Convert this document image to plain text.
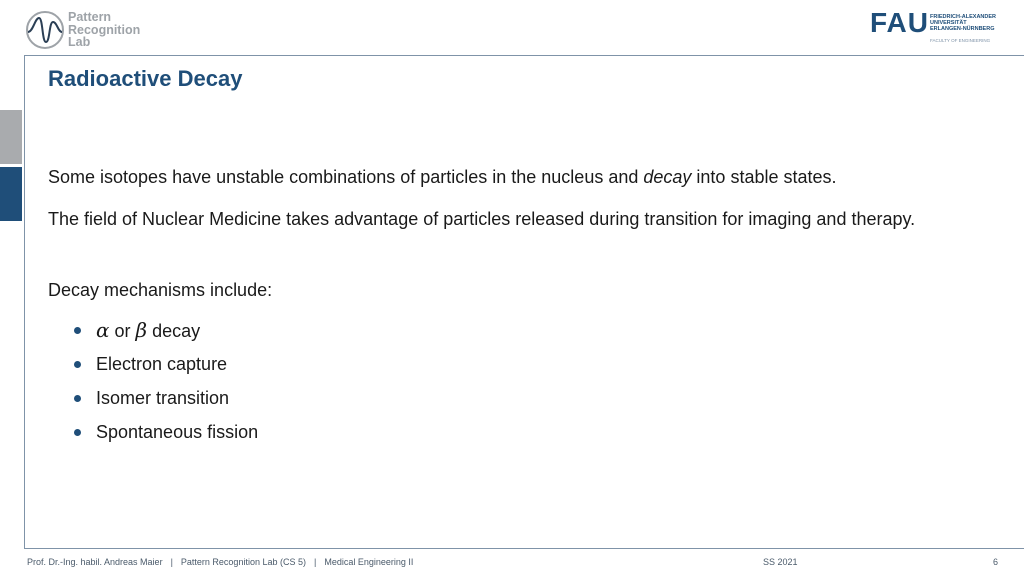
Pattern
Recognition
Lab
FAU FRIEDRICH-ALEXANDER
UNIVERSITÄT
ERLANGEN-NÜRNBERG
FACULTY OF ENGINEERING
Radioactive Decay
Some isotopes have unstable combinations of particles in the nucleus and decay into stable states.
The field of Nuclear Medicine takes advantage of particles released during transition for imaging and therapy.
Decay mechanisms include:
α or β decay
Electron capture
Isomer transition
Spontaneous fission
Prof. Dr.-Ing. habil. Andreas Maier | Pattern Recognition Lab (CS 5) | Medical Engineering II	SS 2021	6
